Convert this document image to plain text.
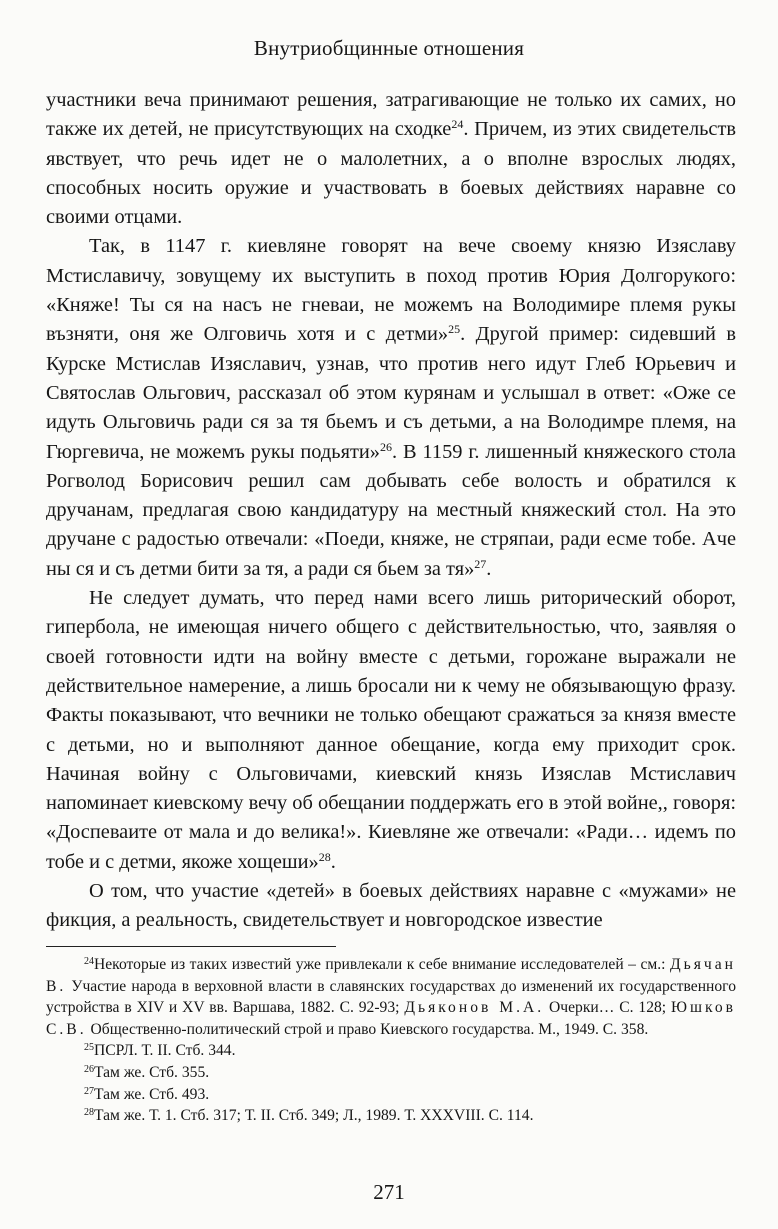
Внутриобщинные отношения

участники веча принимают решения, затрагивающие не только их самих, но также их детей, не присутствующих на сходке$^{24}$. Причем, из этих свидетельств явствует, что речь идет не о малолетних, а о вполне взрослых людях, способных носить оружие и участвовать в боевых действиях наравне со своими отцами.

Так, в 1147 г. киевляне говорят на вече своему князю Изяславу Мстиславичу, зовущему их выступить в поход против Юрия Долгорукого: «Княже! Ты ся на насъ не гневаи, не можемъ на Володимире племя рукы възняти, оня же Олговичь хотя и с детми»$^{25}$. Другой пример: сидевший в Курске Мстислав Изяславич, узнав, что против него идут Глеб Юрьевич и Святослав Ольгович, рассказал об этом курянам и услышал в ответ: «Оже се идуть Ольговичь ради ся за тя бьемъ и съ детьми, а на Володимре племя, на Гюргевича, не можемъ рукы подьяти»$^{26}$. В 1159 г. лишенный княжеского стола Рогволод Борисович решил сам добывать себе волость и обратился к дручанам, предлагая свою кандидатуру на местный княжеский стол. На это дручане с радостью отвечали: «Поеди, княже, не стряпаи, ради есме тобе. Аче ны ся и съ детми бити за тя, а ради ся бьем за тя»$^{27}$.

Не следует думать, что перед нами всего лишь риторический оборот, гипербола, не имеющая ничего общего с действительностью, что, заявляя о своей готовности идти на войну вместе с детьми, горожане выражали не действительное намерение, а лишь бросали ни к чему не обязывающую фразу. Факты показывают, что вечники не только обещают сражаться за князя вместе с детьми, но и выполняют данное обещание, когда ему приходит срок. Начиная войну с Ольговичами, киевский князь Изяслав Мстиславич напоминает киевскому вечу об обещании поддержать его в этой войне,, говоря: «Доспеваите от мала и до велика!». Киевляне же отвечали: «Ради… идемъ по тобе и с детми, якоже хощеши»$^{28}$.

О том, что участие «детей» в боевых действиях наравне с «мужами» не фикция, а реальность, свидетельствует и новгородское известие

$^{24}$Некоторые из таких известий уже привлекали к себе внимание исследователей – см.: Дьячан В. Участие народа в верховной власти в славянских государствах до изменений их государственного устройства в XIV и XV вв. Варшава, 1882. С. 92-93; Дьяконов М.А. Очерки… С. 128; Юшков С.В. Общественно-политический строй и право Киевского государства. М., 1949. С. 358.

$^{25}$ПСРЛ. Т. II. Стб. 344.

$^{26}$Там же. Стб. 355.

$^{27}$Там же. Стб. 493.

$^{28}$Там же. Т. 1. Стб. 317; Т. II. Стб. 349; Л., 1989. Т. XXXVIII. С. 114.

271
